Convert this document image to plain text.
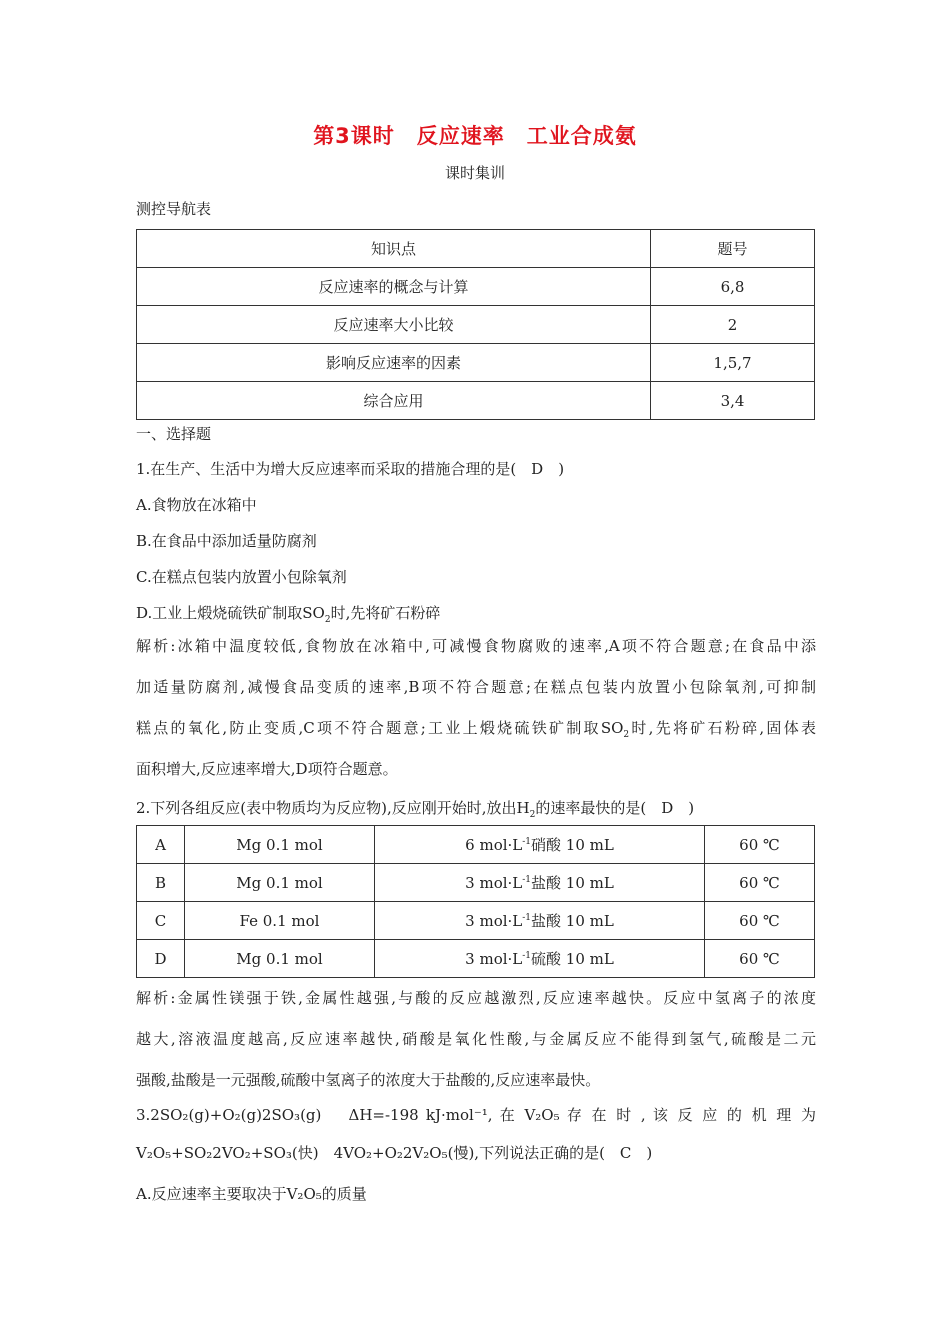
第3课时　反应速率　工业合成氨
课时集训
测控导航表
知识点	题号
反应速率的概念与计算	6,8
反应速率大小比较	2
影响反应速率的因素	1,5,7
综合应用	3,4
一、选择题
1.在生产、生活中为增大反应速率而采取的措施合理的是(　D　)
A.食物放在冰箱中
B.在食品中添加适量防腐剂
C.在糕点包装内放置小包除氧剂
D.工业上煅烧硫铁矿制取$SO_2$时,先将矿石粉碎
解析:冰箱中温度较低,食物放在冰箱中,可减慢食物腐败的速率,A项不符合题意;在食品中添
加适量防腐剂,减慢食品变质的速率,B项不符合题意;在糕点包装内放置小包除氧剂,可抑制
糕点的氧化,防止变质,C项不符合题意;工业上煅烧硫铁矿制取$SO_2$时,先将矿石粉碎,固体表
面积增大,反应速率增大,D项符合题意。
2.下列各组反应(表中物质均为反应物),反应刚开始时,放出$H_2$的速率最快的是(　D　)
A	Mg 0.1 mol	6 $mol\cdot L^{-1}$硝酸 10 mL	60 ℃
B	Mg 0.1 mol	3 $mol\cdot L^{-1}$盐酸 10 mL	60 ℃
C	Fe 0.1 mol	3 $mol\cdot L^{-1}$盐酸 10 mL	60 ℃
D	Mg 0.1 mol	3 $mol\cdot L^{-1}$硫酸 10 mL	60 ℃
解析:金属性镁强于铁,金属性越强,与酸的反应越激烈,反应速率越快。反应中氢离子的浓度
越大,溶液温度越高,反应速率越快,硝酸是氧化性酸,与金属反应不能得到氢气,硫酸是二元
强酸,盐酸是一元强酸,硫酸中氢离子的浓度大于盐酸的,反应速率最快。
3.2SO₂(g)+O₂(g)2SO₃(g)　 ΔH=-198 kJ·mol⁻¹, 在 V₂O₅ 存 在 时 , 该 反 应 的 机 理 为
V₂O₅+SO₂2VO₂+SO₃(快)　4VO₂+O₂2V₂O₅(慢),下列说法正确的是(　C　)
A.反应速率主要取决于V₂O₅的质量
